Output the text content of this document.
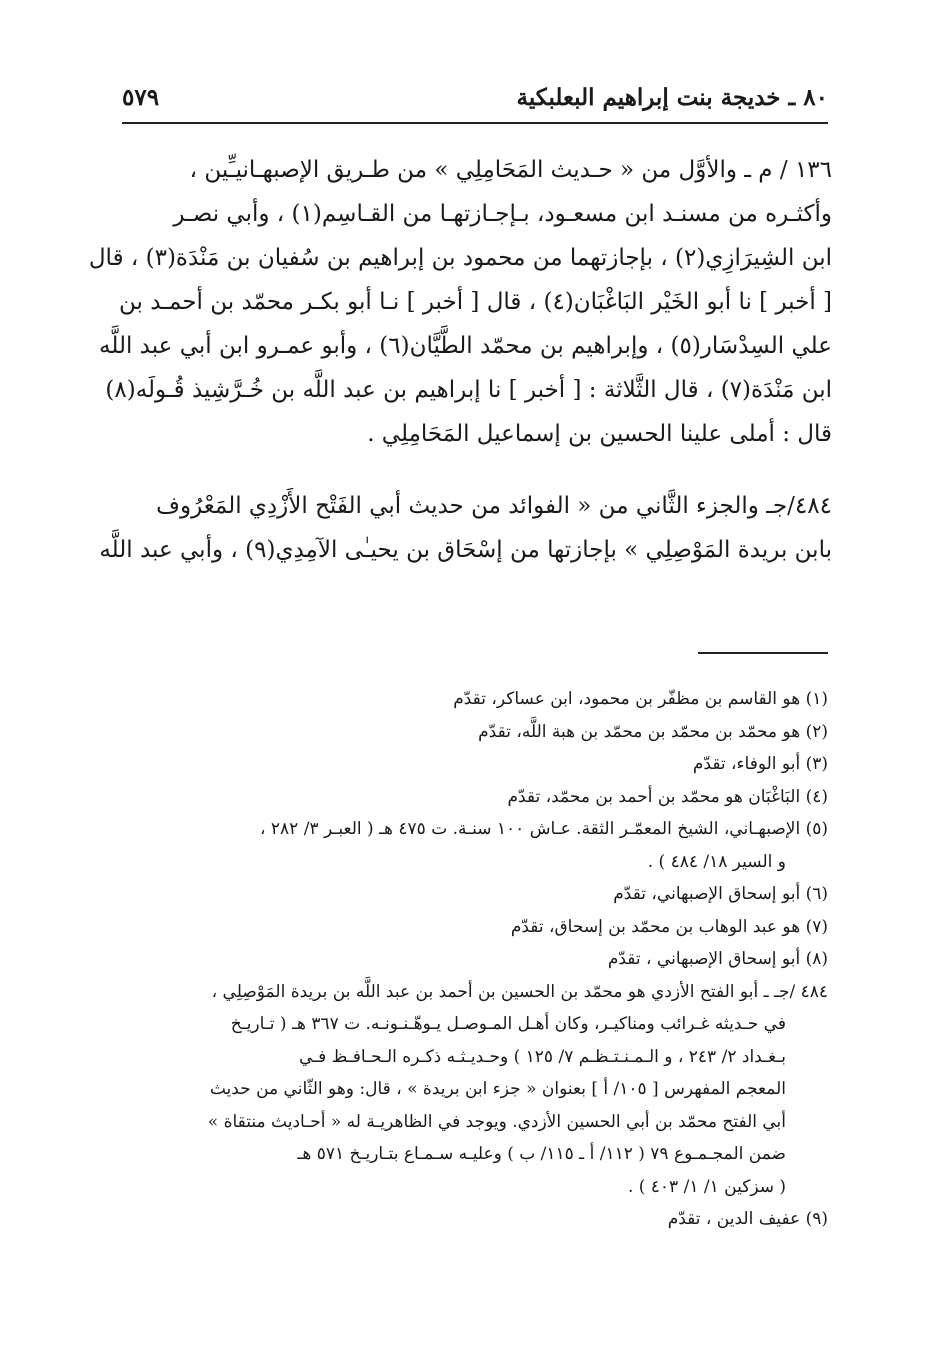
٨٠ ـ خديجة بنت إبراهيم البعلبكية
٥٧٩
١٣٦ / م ـ والأوَّل من « حـديث المَحَامِلِي » من طـريق الإصبهـانيـِّين ،
وأكثـره من مسنـد ابن مسعـود، بـإجـازتهـا من القـاسِم(١) ، وأبي نصـر
ابن الشِيرَازِي(٢) ، بإجازتهما من محمود بن إبراهيم بن سُفيان بن مَنْدَة(٣) ، قال
[ أخبر ] نا أبو الخَيْر البَاغْبَان(٤) ، قال [ أخبر ] نـا أبو بكـر محمّد بن أحمـد بن
علي السِدْسَار(٥) ، وإبراهيم بن محمّد الطَّيَّان(٦) ، وأبو عمـرو ابن أبي عبد اللَّه
ابن مَنْدَة(٧) ، قال الثَّلاثة : [ أخبر ] نا إبراهيم بن عبد اللَّه بن خُـرَّشِيذ قُـولَه(٨)
قال : أملى علينا الحسين بن إسماعيل المَحَامِلِي .
٤٨٤/جـ والجزء الثَّاني من « الفوائد من حديث أبي الفَتْح الأَزْدِي المَعْرُوف
بابن بريدة المَوْصِلِي » بإجازتها من إسْحَاق بن يحيـٰى الآمِدِي(٩) ، وأبي عبد اللَّه
(١) هو القاسم بن مظفّر بن محمود، ابن عساكر، تقدّم
(٢) هو محمّد بن محمّد بن محمّد بن هبة اللَّه، تقدّم
(٣) أبو الوفاء، تقدّم
(٤) البَاغْبَان هو محمّد بن أحمد بن محمّد، تقدّم
(٥) الإصبهـاني، الشيخ المعمّـر الثقة. عـاش ١٠٠ سنـة. ت ٤٧٥ هـ ( العبـر ٣/ ٢٨٢ ،
و السير ١٨/ ٤٨٤ ) .
(٦) أبو إسحاق الإصبهاني، تقدّم
(٧) هو عبد الوهاب بن محمّد بن إسحاق، تقدّم
(٨) أبو إسحاق الإصبهاني ، تقدّم
٤٨٤ /جـ ـ أبو الفتح الأزدي هو محمّد بن الحسين بن أحمد بن عبد اللَّه بن بريدة المَوْصِلِي ،
في حـديثه غـرائب ومناكيـر، وكان أهـل المـوصـل يـوهّـنـونـه. ت ٣٦٧ هـ ( تـاريـخ
بـغـداد ٢/ ٢٤٣ ، و الـمـنـتـظـم ٧/ ١٢٥ ) وحـديـثـه ذكـره الـحـافـظ فـي
المعجم المفهرس [ ١٠٥/ أ ] بعنوان « جزء ابن بريدة » ، قال: وهو الثّاني من حديث
أبي الفتح محمّد بن أبي الحسين الأزدي. ويوجد في الظاهريـة له « أحـاديث منتقاة »
ضمن المجـمـوع ٧٩ ( ١١٢/ أ ـ ١١٥/ ب ) وعليـه سـمـاع بتـاريـخ ٥٧١ هـ
( سزكين ١/ ١/ ٤٠٣ ) .
(٩) عفيف الدين ، تقدّم
